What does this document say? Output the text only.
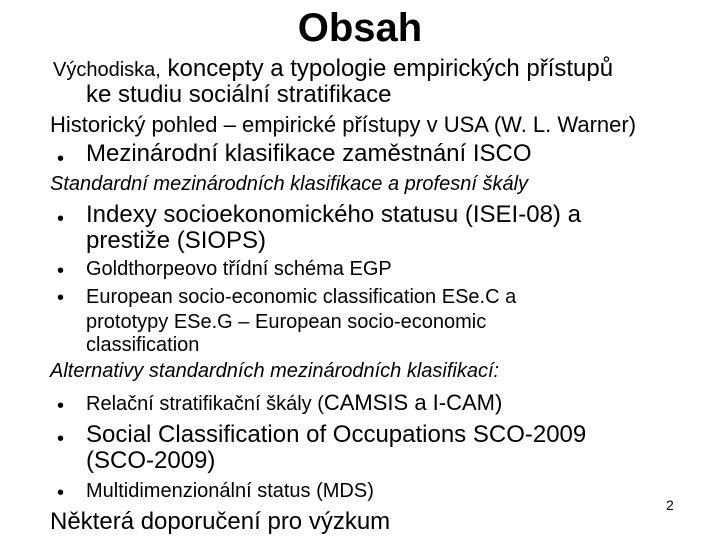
Obsah
Východiska, koncepty a typologie empirických přístupů
ke studiu sociální stratifikace
Historický pohled – empirické přístupy v USA (W. L. Warner)
• Mezinárodní klasifikace zaměstnání ISCO
Standardní mezinárodních klasifikace a profesní škály
• Indexy socioekonomického statusu (ISEI-08) a
prestiže (SIOPS)
• Goldthorpeovo třídní schéma EGP
• European socio-economic classification ESe.C a
prototypy ESe.G – European socio-economic
classification
Alternativy standardních mezinárodních klasifikací:
• Relační stratifikační škály (CAMSIS a I-CAM)
• Social Classification of Occupations SCO-2009
(SCO-2009)
• Multidimenzionální status (MDS)
Některá doporučení pro výzkum
2
